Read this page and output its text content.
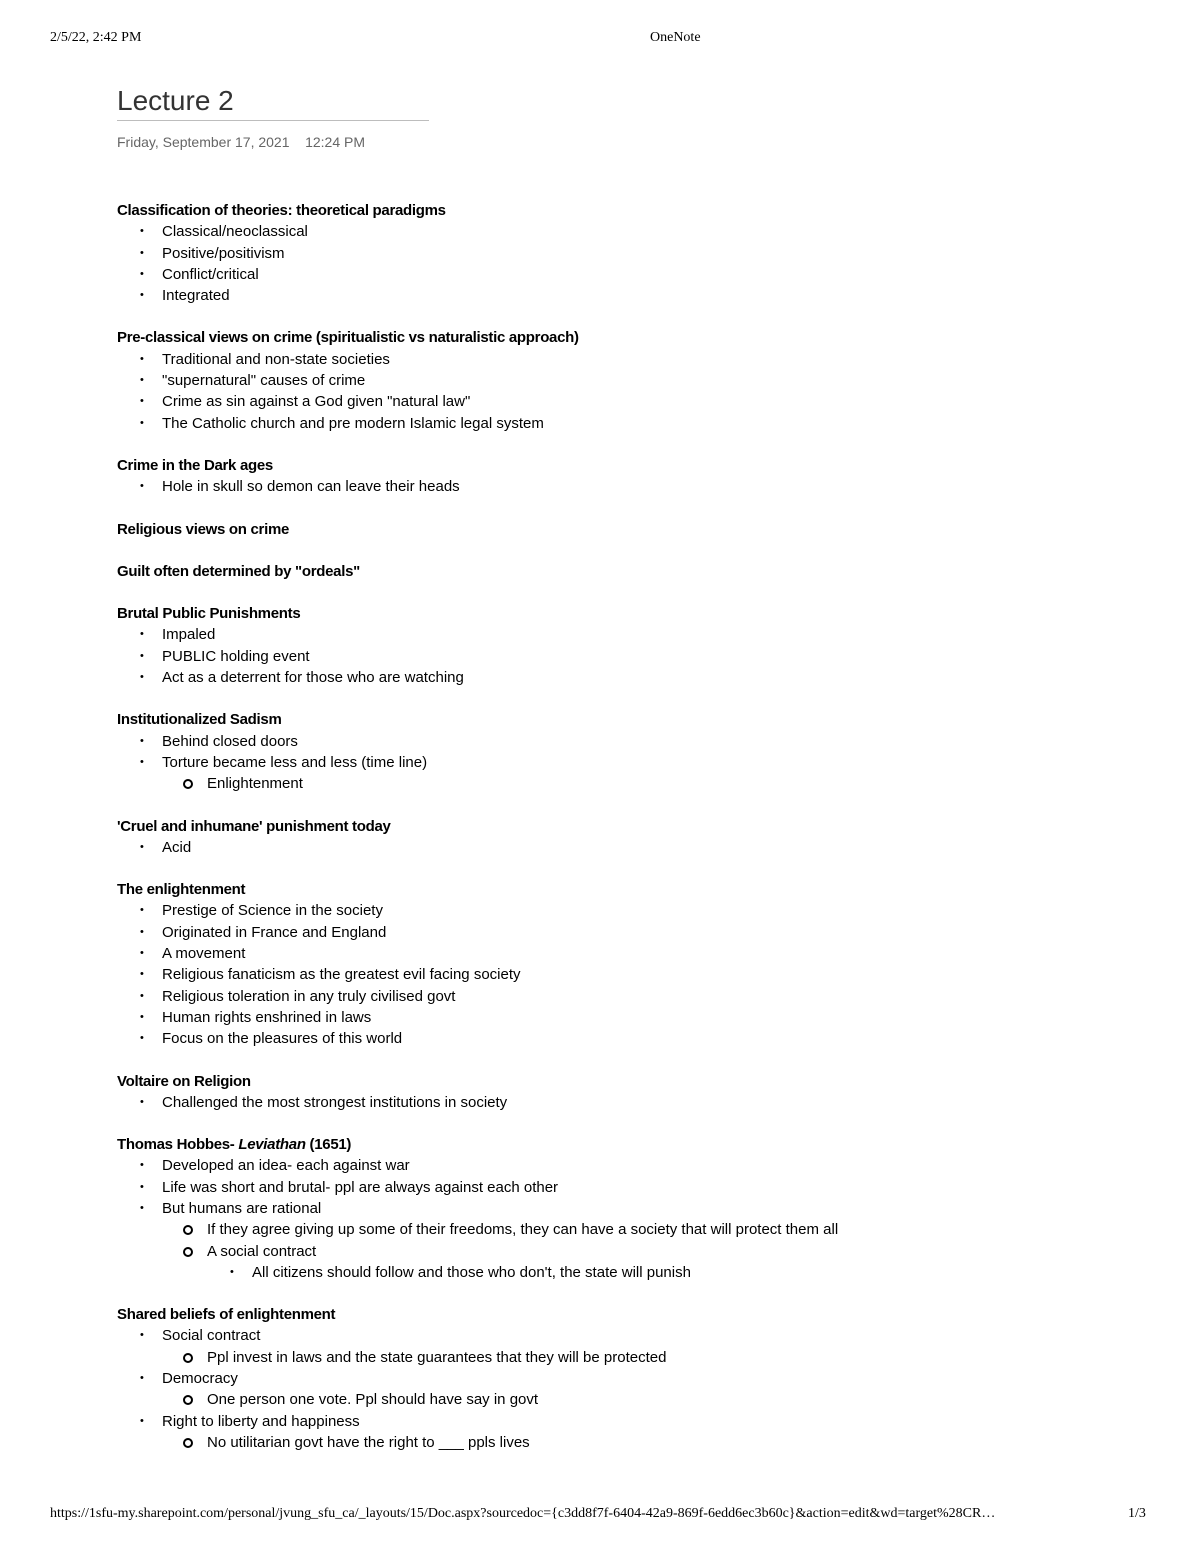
2/5/22, 2:42 PM	OneNote
Lecture 2
Friday, September 17, 2021 12:24 PM
Classification of theories: theoretical paradigms
• Classical/neoclassical
• Positive/positivism
• Conflict/critical
• Integrated
Pre-classical views on crime (spiritualistic vs naturalistic approach)
• Traditional and non-state societies
• "supernatural" causes of crime
• Crime as sin against a God given "natural law"
• The Catholic church and pre modern Islamic legal system
Crime in the Dark ages
• Hole in skull so demon can leave their heads
Religious views on crime
Guilt often determined by "ordeals"
Brutal Public Punishments
• Impaled
• PUBLIC holding event
• Act as a deterrent for those who are watching
Institutionalized Sadism
• Behind closed doors
• Torture became less and less (time line)
Enlightenment
'Cruel and inhumane' punishment today
• Acid
The enlightenment
• Prestige of Science in the society
• Originated in France and England
• A movement
• Religious fanaticism as the greatest evil facing society
• Religious toleration in any truly civilised govt
• Human rights enshrined in laws
• Focus on the pleasures of this world
Voltaire on Religion
• Challenged the most strongest institutions in society
Thomas Hobbes- Leviathan (1651)
• Developed an idea- each against war
• Life was short and brutal- ppl are always against each other
• But humans are rational
If they agree giving up some of their freedoms, they can have a society that will protect them all
A social contract
• All citizens should follow and those who don't, the state will punish
Shared beliefs of enlightenment
• Social contract
Ppl invest in laws and the state guarantees that they will be protected
• Democracy
One person one vote. Ppl should have say in govt
• Right to liberty and happiness
No utilitarian govt have the right to ___ ppls lives
https://1sfu-my.sharepoint.com/personal/jvung_sfu_ca/_layouts/15/Doc.aspx?sourcedoc={c3dd8f7f-6404-42a9-869f-6edd6ec3b60c}&action=edit&wd=target%28CR…	1/3
